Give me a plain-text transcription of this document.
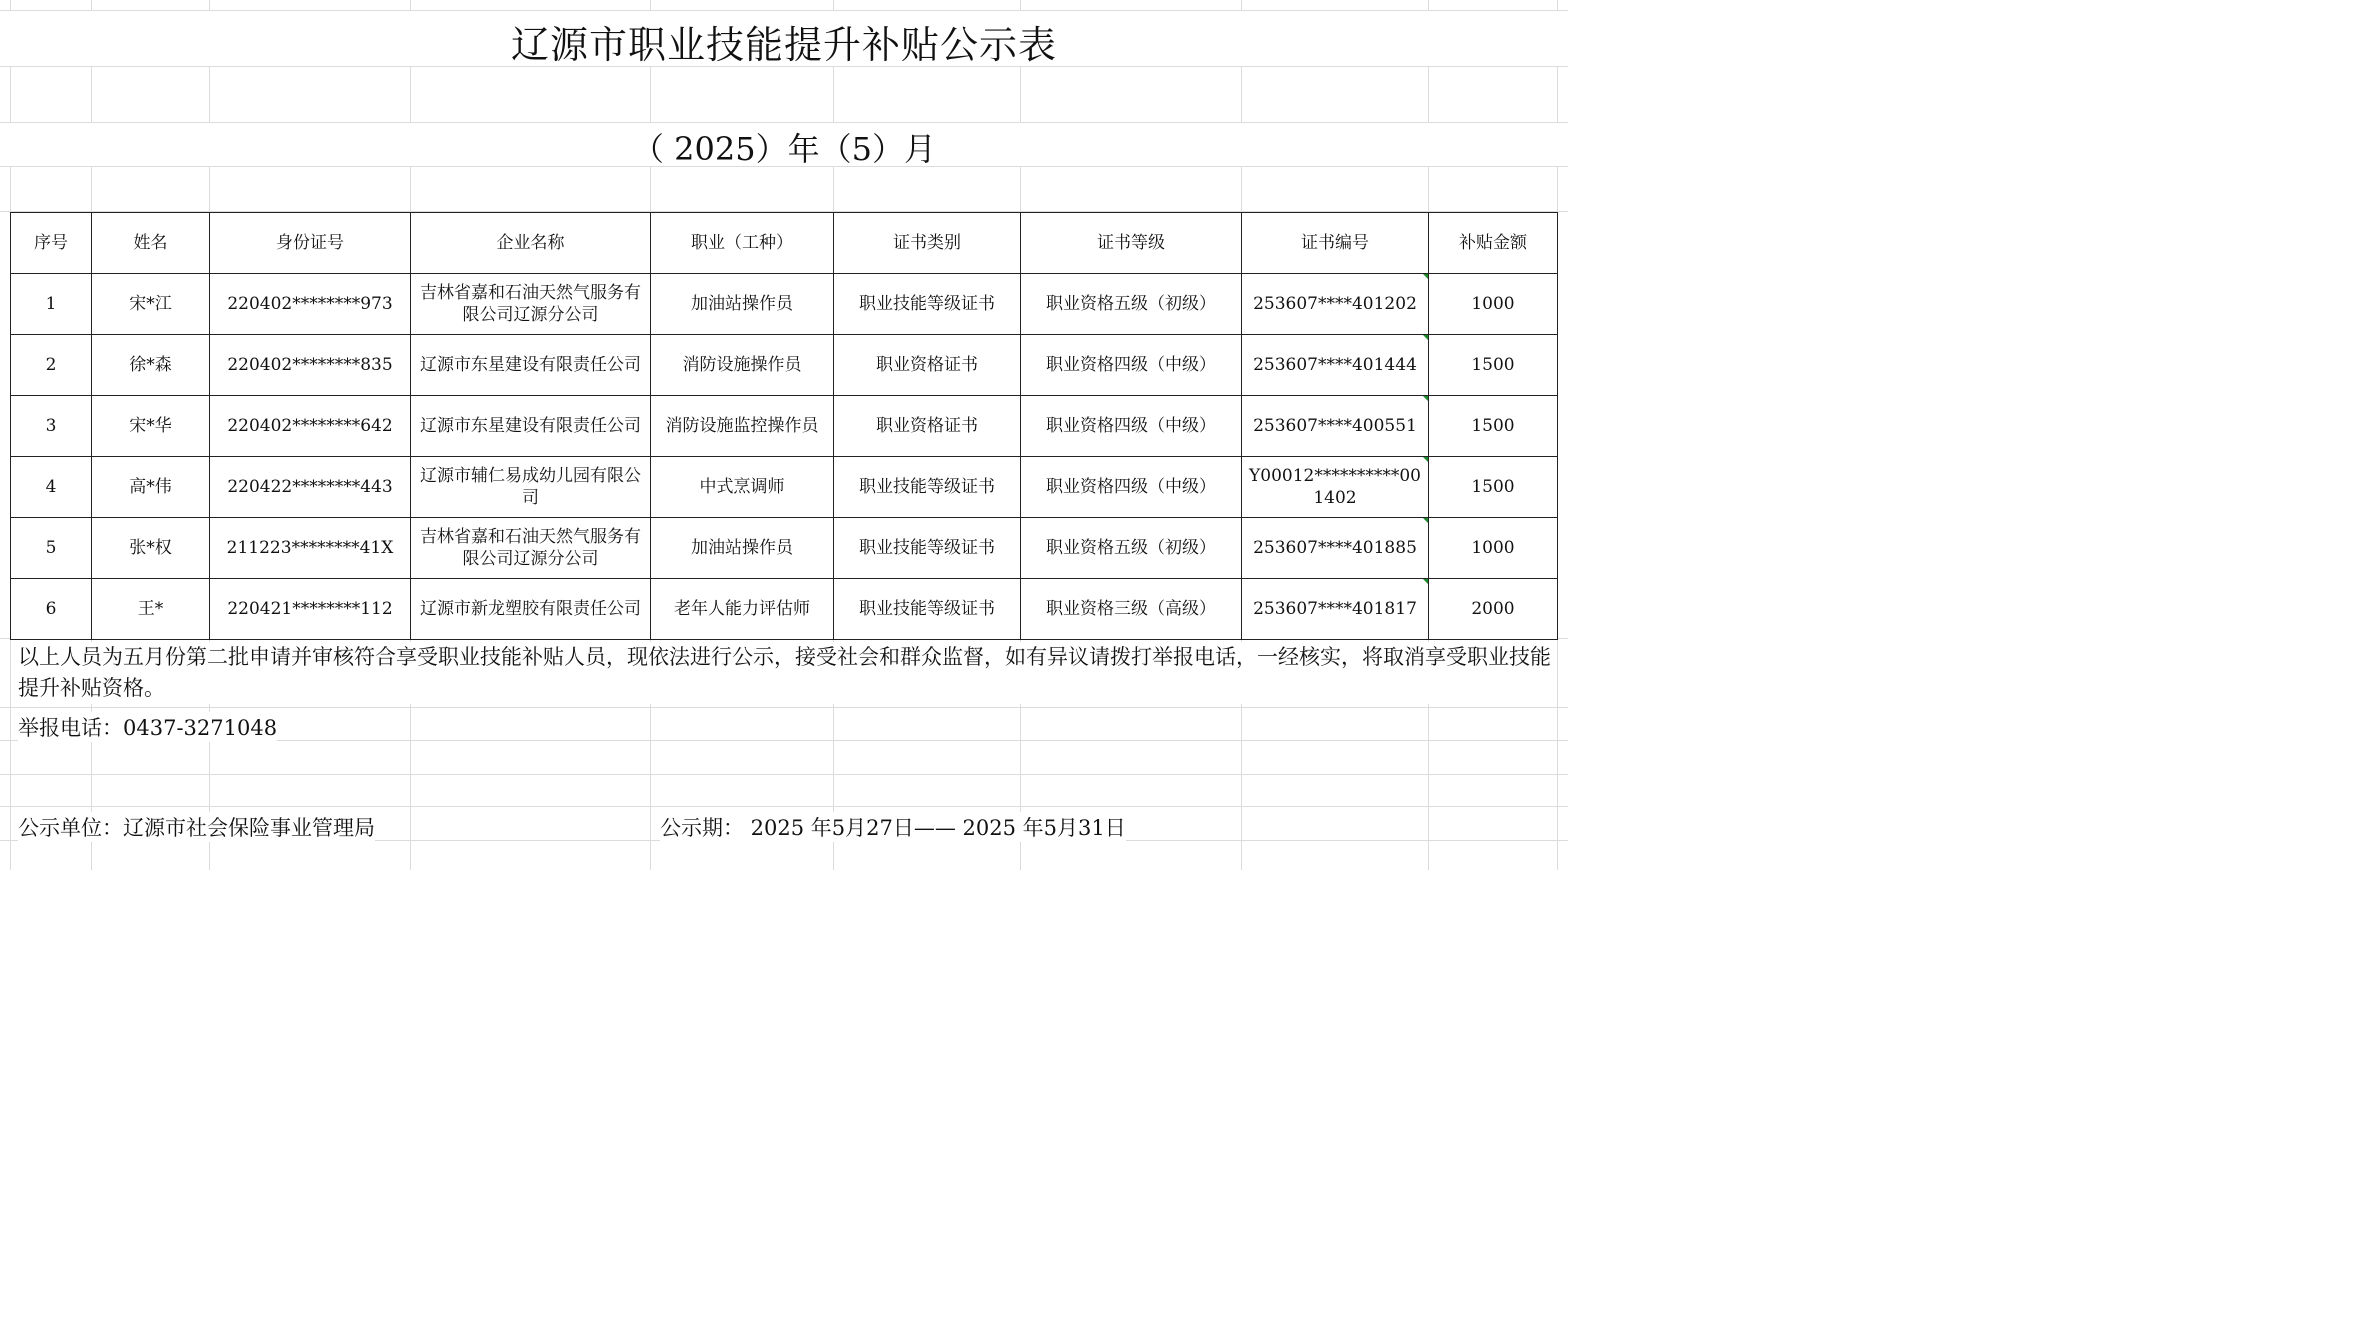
辽源市职业技能提升补贴公示表
（ 2025）年（5）月
序号	姓名	身份证号	企业名称	职业（工种）	证书类别	证书等级	证书编号	补贴金额
1	宋*江	220402********973	吉林省嘉和石油天然气服务有限公司辽源分公司	加油站操作员	职业技能等级证书	职业资格五级（初级）	253607****401202	1000
2	徐*森	220402********835	辽源市东星建设有限责任公司	消防设施操作员	职业资格证书	职业资格四级（中级）	253607****401444	1500
3	宋*华	220402********642	辽源市东星建设有限责任公司	消防设施监控操作员	职业资格证书	职业资格四级（中级）	253607****400551	1500
4	高*伟	220422********443	辽源市辅仁易成幼儿园有限公司	中式烹调师	职业技能等级证书	职业资格四级（中级）	Y00012**********001402	1500
5	张*权	211223********41X	吉林省嘉和石油天然气服务有限公司辽源分公司	加油站操作员	职业技能等级证书	职业资格五级（初级）	253607****401885	1000
6	王*	220421********112	辽源市新龙塑胶有限责任公司	老年人能力评估师	职业技能等级证书	职业资格三级（高级）	253607****401817	2000
以上人员为五月份第二批申请并审核符合享受职业技能补贴人员，现依法进行公示，接受社会和群众监督，如有异议请拨打举报电话，一经核实，将取消享受职业技能提升补贴资格。
举报电话：0437-3271048
公示单位：辽源市社会保险事业管理局	公示期： 2025 年5月27日—— 2025 年5月31日
